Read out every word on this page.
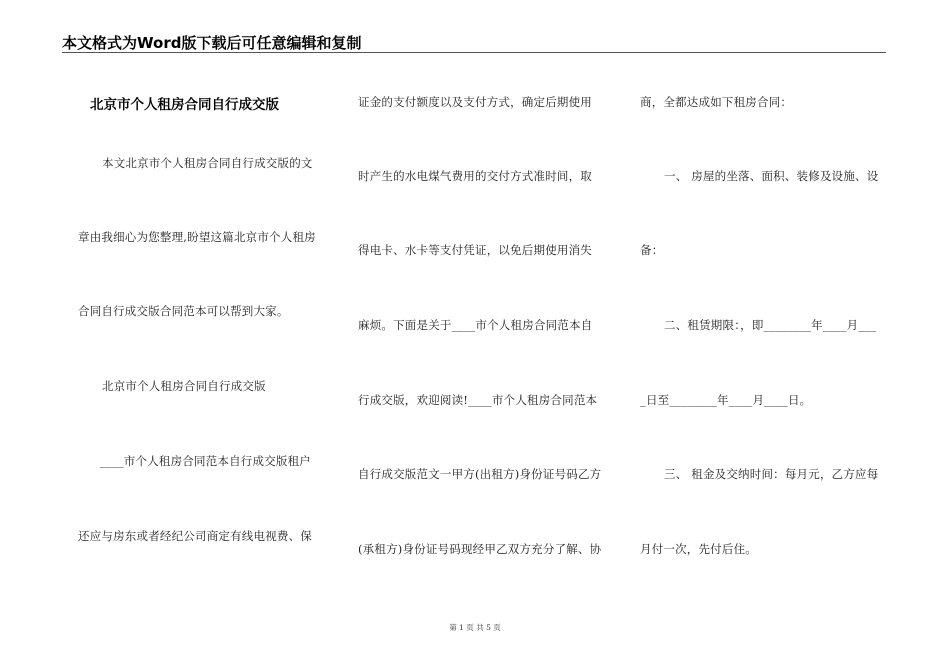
本文格式为Word版下载后可任意编辑和复制
北京市个人租房合同自行成交版
本文北京市个人租房合同自行成交版的文
章由我细心为您整理,盼望这篇北京市个人租房
合同自行成交版合同范本可以帮到大家。
北京市个人租房合同自行成交版
____市个人租房合同范本自行成交版租户
还应与房东或者经纪公司商定有线电视费、保
证金的支付额度以及支付方式，确定后期使用
时产生的水电煤气费用的交付方式准时间，取
得电卡、水卡等支付凭证，以免后期使用消失
麻烦。下面是关于____市个人租房合同范本自
行成交版，欢迎阅读!____市个人租房合同范本
自行成交版范文一甲方(出租方)身份证号码乙方
(承租方)身份证号码现经甲乙双方充分了解、协
商，全都达成如下租房合同：
一、 房屋的坐落、面积、装修及设施、设
备：
二、租赁期限：，即________年____月___
_日至________年____月____日。
三、 租金及交纳时间：每月元，乙方应每
月付一次，先付后住。
第 1 页 共 5 页
